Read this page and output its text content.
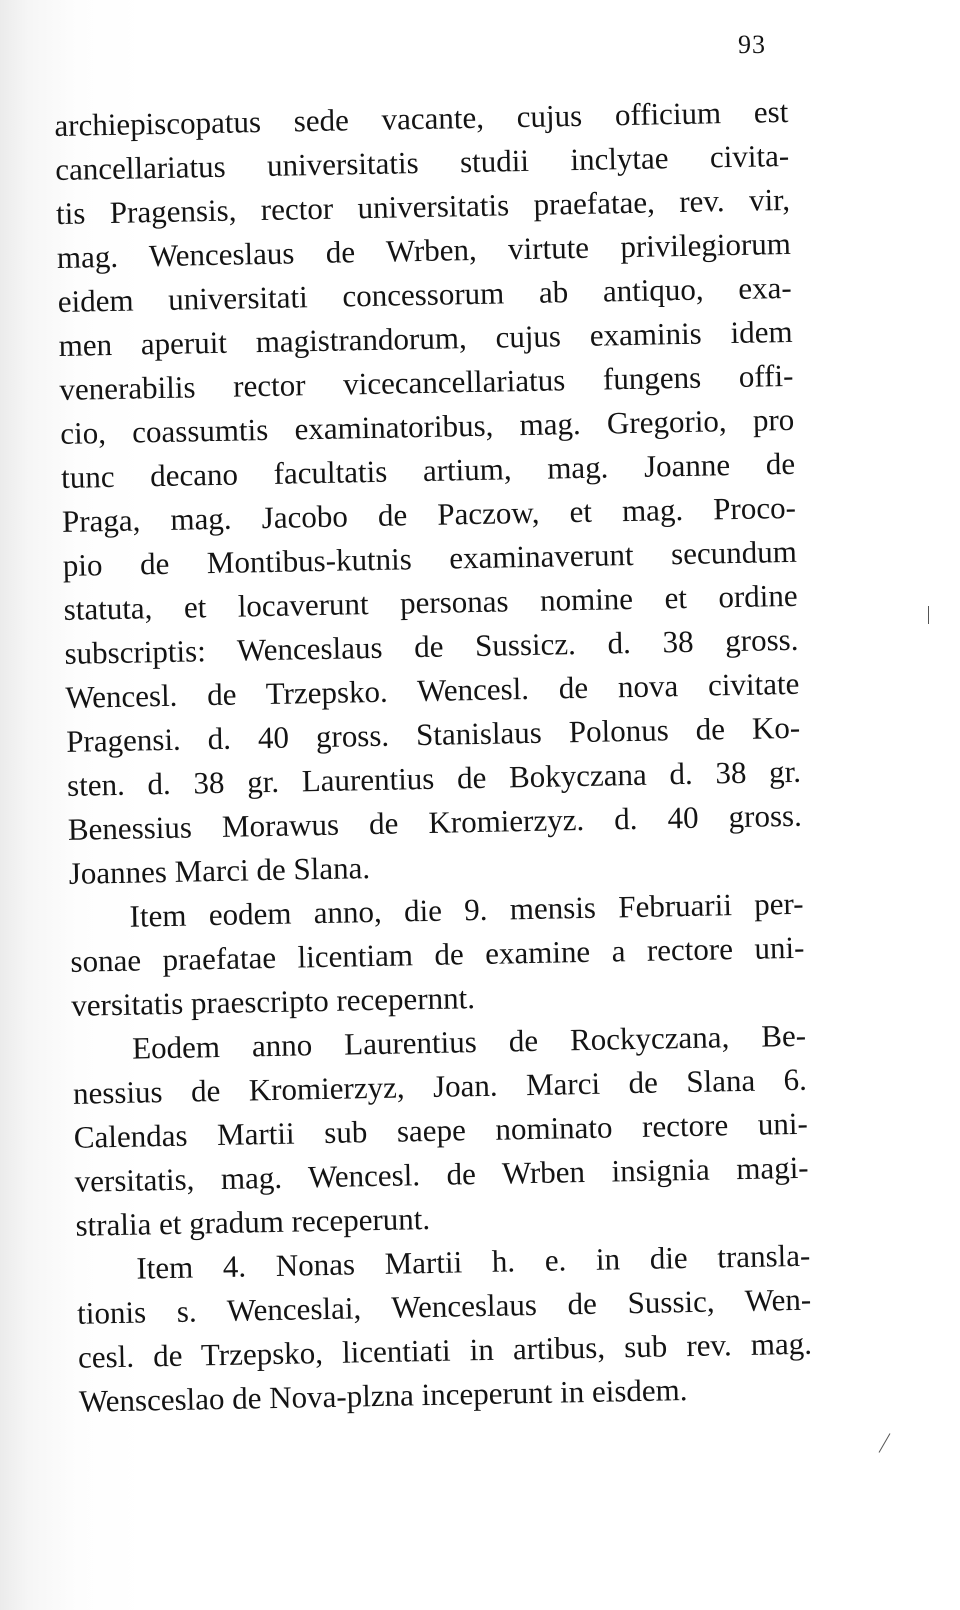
93
archiepiscopatus sede vacante, cujus officium est
cancellariatus universitatis studii inclytae civita-
tis Pragensis, rector universitatis praefatae, rev. vir,
mag. Wenceslaus de Wrben, virtute privilegiorum
eidem universitati concessorum ab antiquo, exa-
men aperuit magistrandorum, cujus examinis idem
venerabilis rector vicecancellariatus fungens offi-
cio, coassumtis examinatoribus, mag. Gregorio, pro
tunc decano facultatis artium, mag. Joanne de
Praga, mag. Jacobo de Paczow, et mag. Proco-
pio de Montibus-kutnis examinaverunt secundum
statuta, et locaverunt personas nomine et ordine
subscriptis: Wenceslaus de Sussicz. d. 38 gross.
Wencesl. de Trzepsko. Wencesl. de nova civitate
Pragensi. d. 40 gross. Stanislaus Polonus de Ko-
sten. d. 38 gr. Laurentius de Bokyczana d. 38 gr.
Benessius Morawus de Kromierzyz. d. 40 gross.
Joannes Marci de Slana.
Item eodem anno, die 9. mensis Februarii per-
sonae praefatae licentiam de examine a rectore uni-
versitatis praescripto recepernnt.
Eodem anno Laurentius de Rockyczana, Be-
nessius de Kromierzyz, Joan. Marci de Slana 6.
Calendas Martii sub saepe nominato rectore uni-
versitatis, mag. Wencesl. de Wrben insignia magi-
stralia et gradum receperunt.
Item 4. Nonas Martii h. e. in die transla-
tionis s. Wenceslai, Wenceslaus de Sussic, Wen-
cesl. de Trzepsko, licentiati in artibus, sub rev. mag.
Wensceslao de Nova-plzna inceperunt in eisdem.
